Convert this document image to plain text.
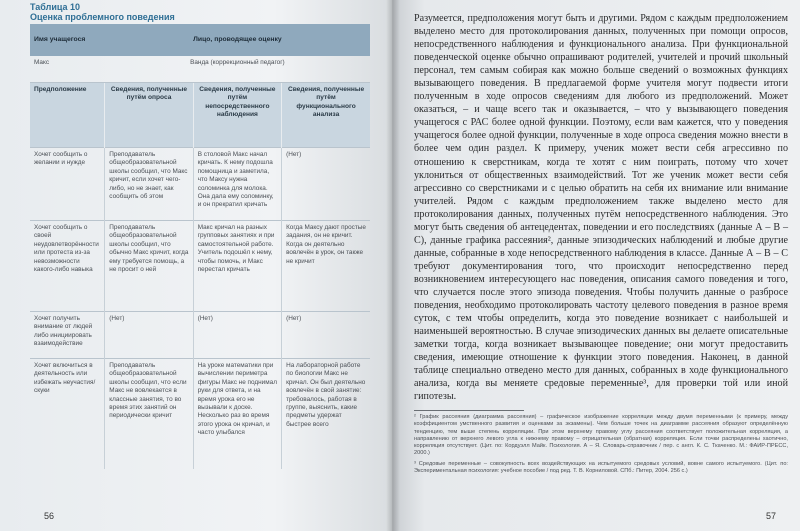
Таблица 10
Оценка проблемного поведения
Имя учащегося	Лицо, проводящее оценку		
Макс	Ванда (коррекционный педагог)		
Предположение	Сведения, полученные путём опроса	Сведения, полученные путём непосредственного наблюдения	Сведения, полученные путём функционального анализа
Хочет сообщить о желании и нужде	Преподаватель общеобразовательной школы сообщил, что Макс кричит, если хочет чего-либо, но не знает, как сообщить об этом	В столовой Макс начал кричать. К нему подошла помощница и заметила, что Максу нужна соломинка для молока. Она дала ему соломинку, и он прекратил кричать	(Нет)
Хочет сообщить о своей неудовлетворённости или протеста из-за невозможности какого-либо навыка	Преподаватель общеобразовательной школы сообщил, что обычно Макс кричит, когда ему требуется помощь, а не просит о ней	Макс кричал на разных групповых занятиях и при самостоятельной работе. Учитель подошёл к нему, чтобы помочь, и Макс перестал кричать	Когда Максу дают простые задания, он не кричит. Когда он деятельно вовлечён в урок, он также не кричит
Хочет получить внимание от людей либо инициировать взаимодействие	(Нет)	(Нет)	(Нет)
Хочет включиться в деятельность или избежать неучастия/скуки	Преподаватель общеобразовательной школы сообщил, что если Макс не вовлекается в классные занятия, то во время этих занятий он периодически кричит	На уроке математики при вычислении периметра фигуры Макс не поднимал руки для ответа, и на время урока его не вызывали к доске. Несколько раз во время этого урока он кричал, и часто улыбался	На лабораторной работе по биологии Макс не кричал. Он был деятельно вовлечён в свой занятие: требовалось, работая в группе, выяснить, какие предметы удержат быстрее всего
56

Разумеется, предположения могут быть и другими. Рядом с каждым предположением выделено место для протоколирования данных, полученных при помощи опросов, непосредственного наблюдения и функционального анализа. При функциональной поведенческой оценке обычно опрашивают родителей, учителей и прочий школьный персонал, тем самым собирая как можно больше сведений о возможных функциях вызывающего поведения. В предлагаемой форме учителя могут подвести итоги полученным в ходе опросов сведениям для любого из предположений. Может оказаться, – и чаще всего так и оказывается, – что у вызывающего поведения учащегося с РАС более одной функции. Поэтому, если вам кажется, что у поведения учащегося более одной функции, полученные в ходе опроса сведения можно внести в более чем один раздел. К примеру, ученик может вести себя агрессивно по отношению к сверстникам, когда те хотят с ним поиграть, потому что хочет уклониться от общественных взаимодействий. Тот же ученик может вести себя агрессивно со сверстниками и с целью обратить на себя их внимание или внимание учителей. Рядом с каждым предположением также выделено место для протоколирования данных, полученных путём непосредственного наблюдения. Это могут быть сведения об антецедентах, поведении и его последствиях (данные А – В – С), данные графика рассеяния², данные эпизодических наблюдений и любые другие данные, собранные в ходе непосредственного наблюдения в классе. Данные А – В – С требуют документирования того, что происходит непосредственно перед возникновением интересующего нас поведения, описания самого поведения и того, что случается после этого эпизода поведения. Чтобы получить данные о разбросе поведения, необходимо протоколировать частоту целевого поведения в разное время суток, с тем чтобы определить, когда это поведение возникает с наибольшей и наименьшей вероятностью. В случае эпизодических данных вы делаете описательные заметки тогда, когда возникает вызывающее поведение; они могут предоставить сведения, имеющие отношение к функции этого поведения. Наконец, в данной таблице специально отведено место для данных, собранных в ходе функционального анализа, когда вы меняете средовые переменные³, для проверки той или иной гипотезы.

² График рассеяния (диаграмма рассеяния) – графическое изображение корреляции между двумя переменными (к примеру, между коэффициентом умственного развития и оценками за экзамены). Чем больше точек на диаграмме рассеяния образуют определённую тенденцию, тем выше степень корреляции. При этом верхнему правому углу рассеяния соответствует положительная корреляция, а направлению от верхнего левого угла к нижнему правому – отрицательная (обратная) корреляция. Если точки распределены хаотично, корреляция отсутствует. (Цит. по: Кордуэлл Майк. Психология. А – Я. Словарь-справочник / пер. с англ. К. С. Ткаченко. М.: ФАИР-ПРЕСС, 2000.)

³ Средовые переменные – совокупность всех воздействующих на испытуемого средовых условий, вовне самого испытуемого. (Цит. по: Экспериментальная психология: учебное пособие / под ред. Т. В. Корниловой. СПб.: Питер, 2004. 256 с.)

57
